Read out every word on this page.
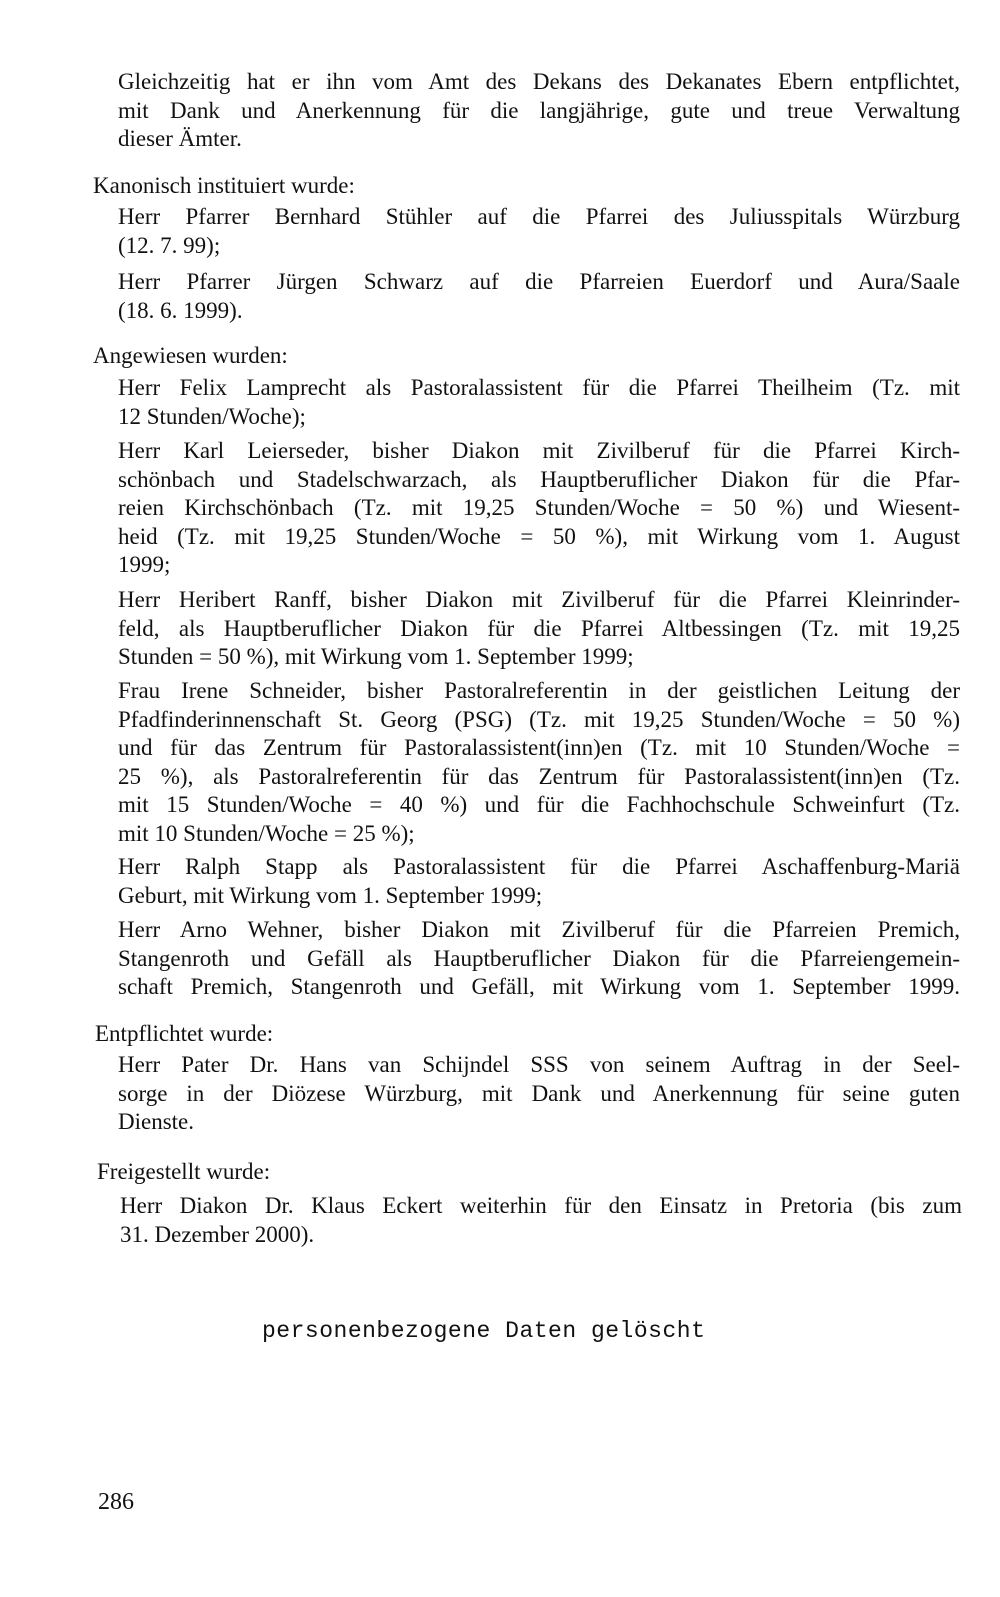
Gleichzeitig hat er ihn vom Amt des Dekans des Dekanates Ebern entpflichtet,
mit Dank und Anerkennung für die langjährige, gute und treue Verwaltung
dieser Ämter.
Kanonisch instituiert wurde:
Herr Pfarrer Bernhard Stühler auf die Pfarrei des Juliusspitals Würzburg
(12. 7. 99);
Herr Pfarrer Jürgen Schwarz auf die Pfarreien Euerdorf und Aura/Saale
(18. 6. 1999).
Angewiesen wurden:
Herr Felix Lamprecht als Pastoralassistent für die Pfarrei Theilheim (Tz. mit
12 Stunden/Woche);
Herr Karl Leierseder, bisher Diakon mit Zivilberuf für die Pfarrei Kirch-
schönbach und Stadelschwarzach, als Hauptberuflicher Diakon für die Pfar-
reien Kirchschönbach (Tz. mit 19,25 Stunden/Woche = 50 %) und Wiesent-
heid (Tz. mit 19,25 Stunden/Woche = 50 %), mit Wirkung vom 1. August
1999;
Herr Heribert Ranff, bisher Diakon mit Zivilberuf für die Pfarrei Kleinrinder-
feld, als Hauptberuflicher Diakon für die Pfarrei Altbessingen (Tz. mit 19,25
Stunden = 50 %), mit Wirkung vom 1. September 1999;
Frau Irene Schneider, bisher Pastoralreferentin in der geistlichen Leitung der
Pfadfinderinnenschaft St. Georg (PSG) (Tz. mit 19,25 Stunden/Woche = 50 %)
und für das Zentrum für Pastoralassistent(inn)en (Tz. mit 10 Stunden/Woche =
25 %), als Pastoralreferentin für das Zentrum für Pastoralassistent(inn)en (Tz.
mit 15 Stunden/Woche = 40 %) und für die Fachhochschule Schweinfurt (Tz.
mit 10 Stunden/Woche = 25 %);
Herr Ralph Stapp als Pastoralassistent für die Pfarrei Aschaffenburg-Mariä
Geburt, mit Wirkung vom 1. September 1999;
Herr Arno Wehner, bisher Diakon mit Zivilberuf für die Pfarreien Premich,
Stangenroth und Gefäll als Hauptberuflicher Diakon für die Pfarreiengemein-
schaft Premich, Stangenroth und Gefäll, mit Wirkung vom 1. September 1999.
Entpflichtet wurde:
Herr Pater Dr. Hans van Schijndel SSS von seinem Auftrag in der Seel-
sorge in der Diözese Würzburg, mit Dank und Anerkennung für seine guten
Dienste.
Freigestellt wurde:
Herr Diakon Dr. Klaus Eckert weiterhin für den Einsatz in Pretoria (bis zum
31. Dezember 2000).
personenbezogene Daten gelöscht
286
